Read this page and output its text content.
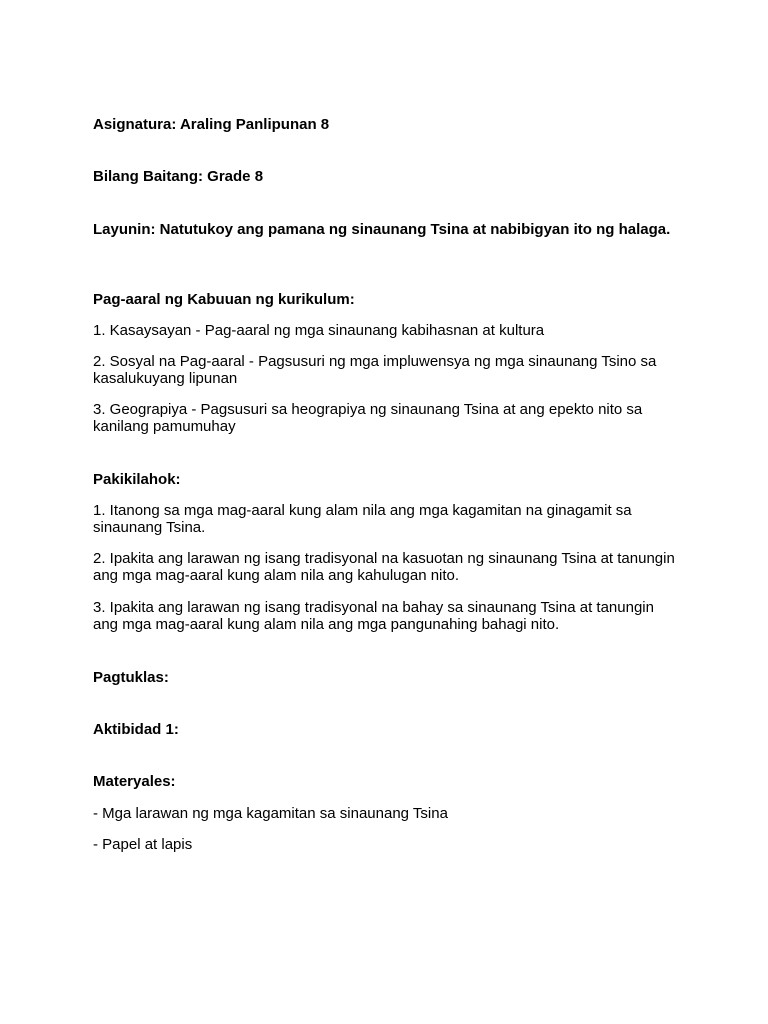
Asignatura: Araling Panlipunan 8

Bilang Baitang: Grade 8

Layunin: Natutukoy ang pamana ng sinaunang Tsina at nabibigyan ito ng halaga.

Pag-aaral ng Kabuuan ng kurikulum:

1. Kasaysayan - Pag-aaral ng mga sinaunang kabihasnan at kultura

2. Sosyal na Pag-aaral - Pagsusuri ng mga impluwensya ng mga sinaunang Tsino sa kasalukuyang lipunan

3. Geograpiya - Pagsusuri sa heograpiya ng sinaunang Tsina at ang epekto nito sa kanilang pamumuhay

Pakikilahok:

1. Itanong sa mga mag-aaral kung alam nila ang mga kagamitan na ginagamit sa sinaunang Tsina.

2. Ipakita ang larawan ng isang tradisyonal na kasuotan ng sinaunang Tsina at tanungin ang mga mag-aaral kung alam nila ang kahulugan nito.

3. Ipakita ang larawan ng isang tradisyonal na bahay sa sinaunang Tsina at tanungin ang mga mag-aaral kung alam nila ang mga pangunahing bahagi nito.

Pagtuklas:

Aktibidad 1:

Materyales:

- Mga larawan ng mga kagamitan sa sinaunang Tsina

- Papel at lapis
